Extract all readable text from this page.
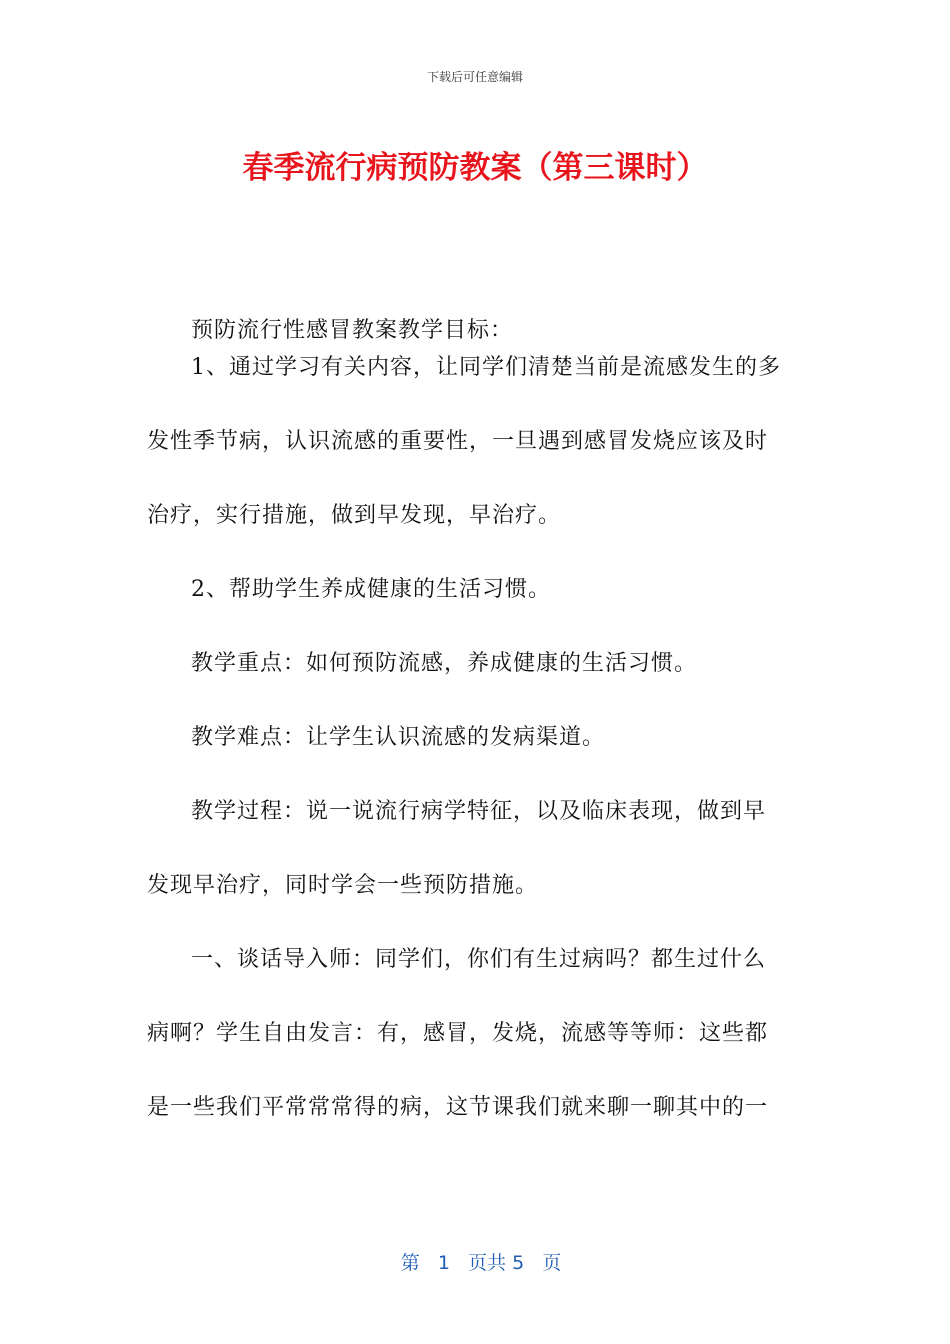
下载后可任意编辑
春季流行病预防教案（第三课时）
预防流行性感冒教案教学目标：
1、通过学习有关内容，让同学们清楚当前是流感发生的多
发性季节病，认识流感的重要性，一旦遇到感冒发烧应该及时
治疗，实行措施，做到早发现，早治疗。
2、帮助学生养成健康的生活习惯。
教学重点：如何预防流感，养成健康的生活习惯。
教学难点：让学生认识流感的发病渠道。
教学过程：说一说流行病学特征，以及临床表现，做到早
发现早治疗，同时学会一些预防措施。
一、谈话导入师：同学们，你们有生过病吗？都生过什么
病啊？学生自由发言：有，感冒，发烧，流感等等师：这些都
是一些我们平常常常得的病，这节课我们就来聊一聊其中的一

第 1 页共 5 页
